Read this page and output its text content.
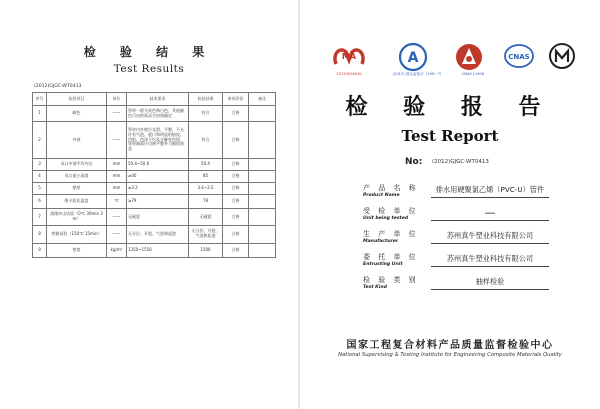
检 验 结 果
Test Results
(2012)GJGC-WT0413
序号	检验项目	单位	技术要求	检验结果	单项评价	备注
1	颜色	——	管材一般为灰色和白色，其他颜色可由供需双方协商确定	符合	合格	
2	外观	——	管材内外壁应光滑、平整，不允许有气泡、裂口和明显的痕纹、凹陷、色泽不均及分解变色线，管材端面应切割平整并与轴线垂直	符合	合格	
3	承口中部平均内径	mm	50.4~50.6	50.4	合格	
4	承口最小深度	mm	≥40	85	合格	
5	壁厚	mm	≥3.2	3.4~3.5	合格	
6	维卡软化温度	℃	≥79	78	合格	
7	落锤冲击试验（0℃ 30min 2m）	——	无破裂	无破裂	合格	
8	烘箱试验（150℃ 15min）	——	无分层、开裂、气泡和起泡	无分层、开裂、气泡和起泡	合格	
9	密度	kg/m³	1350~1550	1500	合格	
MA
2012000481K
A
(2012) 国认监检字（190）号	CNAS L1906
CNAS
检 验 报 告
Test Report
No: (2012)GJGC-WT0413
产 品 名 称
Product Name
排水用硬聚氯乙烯（PVC-U）管件
受 检 单 位
Unit being tested	—
生 产 单 位
Manufacturer
苏州真牛塑业科技有限公司
委 托 单 位
Entrusting Unit
苏州真牛塑业科技有限公司
检 验 类 别
Test Kind
抽样检验
国家工程复合材料产品质量监督检验中心
National Supervising & Testing Institute for Engineering Composite Materials Quality
